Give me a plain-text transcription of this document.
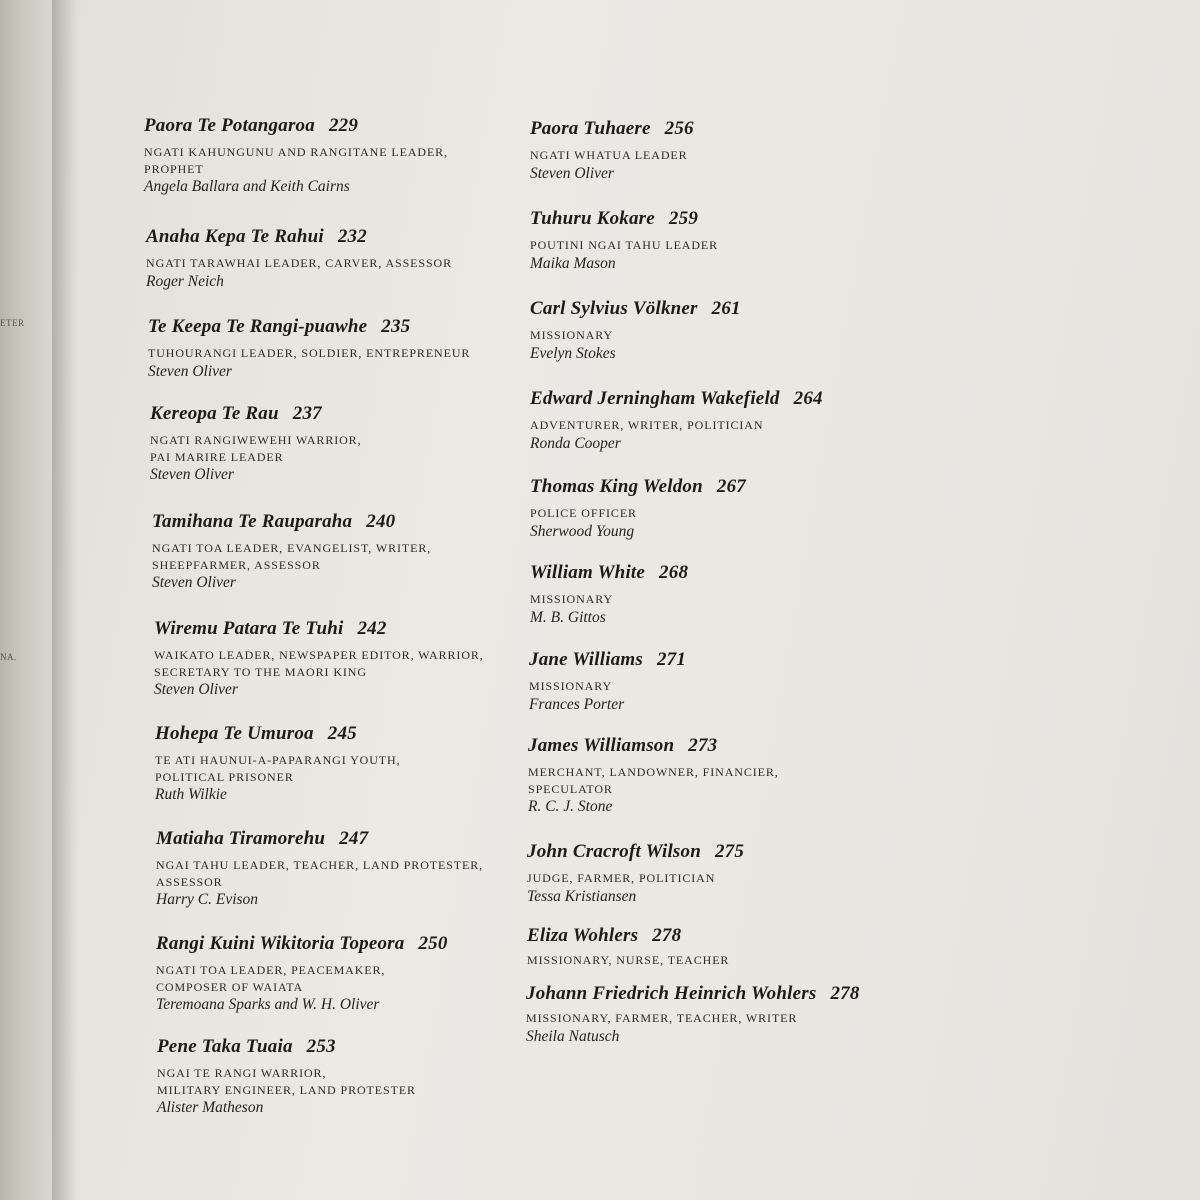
ETER
NA.
Paora Te Potangaroa 229
NGATI KAHUNGUNU AND RANGITANE LEADER,
PROPHET
Angela Ballara and Keith Cairns
Anaha Kepa Te Rahui 232
NGATI TARAWHAI LEADER, CARVER, ASSESSOR
Roger Neich
Te Keepa Te Rangi-puawhe 235
TUHOURANGI LEADER, SOLDIER, ENTREPRENEUR
Steven Oliver
Kereopa Te Rau 237
NGATI RANGIWEWEHI WARRIOR,
PAI MARIRE LEADER
Steven Oliver
Tamihana Te Rauparaha 240
NGATI TOA LEADER, EVANGELIST, WRITER,
SHEEPFARMER, ASSESSOR
Steven Oliver
Wiremu Patara Te Tuhi 242
WAIKATO LEADER, NEWSPAPER EDITOR, WARRIOR,
SECRETARY TO THE MAORI KING
Steven Oliver
Hohepa Te Umuroa 245
TE ATI HAUNUI-A-PAPARANGI YOUTH,
POLITICAL PRISONER
Ruth Wilkie
Matiaha Tiramorehu 247
NGAI TAHU LEADER, TEACHER, LAND PROTESTER,
ASSESSOR
Harry C. Evison
Rangi Kuini Wikitoria Topeora 250
NGATI TOA LEADER, PEACEMAKER,
COMPOSER OF WAIATA
Teremoana Sparks and W. H. Oliver
Pene Taka Tuaia 253
NGAI TE RANGI WARRIOR,
MILITARY ENGINEER, LAND PROTESTER
Alister Matheson
Paora Tuhaere 256
NGATI WHATUA LEADER
Steven Oliver
Tuhuru Kokare 259
POUTINI NGAI TAHU LEADER
Maika Mason
Carl Sylvius Völkner 261
MISSIONARY
Evelyn Stokes
Edward Jerningham Wakefield 264
ADVENTURER, WRITER, POLITICIAN
Ronda Cooper
Thomas King Weldon 267
POLICE OFFICER
Sherwood Young
William White 268
MISSIONARY
M. B. Gittos
Jane Williams 271
MISSIONARY
Frances Porter
James Williamson 273
MERCHANT, LANDOWNER, FINANCIER,
SPECULATOR
R. C. J. Stone
John Cracroft Wilson 275
JUDGE, FARMER, POLITICIAN
Tessa Kristiansen
Eliza Wohlers 278
MISSIONARY, NURSE, TEACHER
Johann Friedrich Heinrich Wohlers 278
MISSIONARY, FARMER, TEACHER, WRITER
Sheila Natusch
